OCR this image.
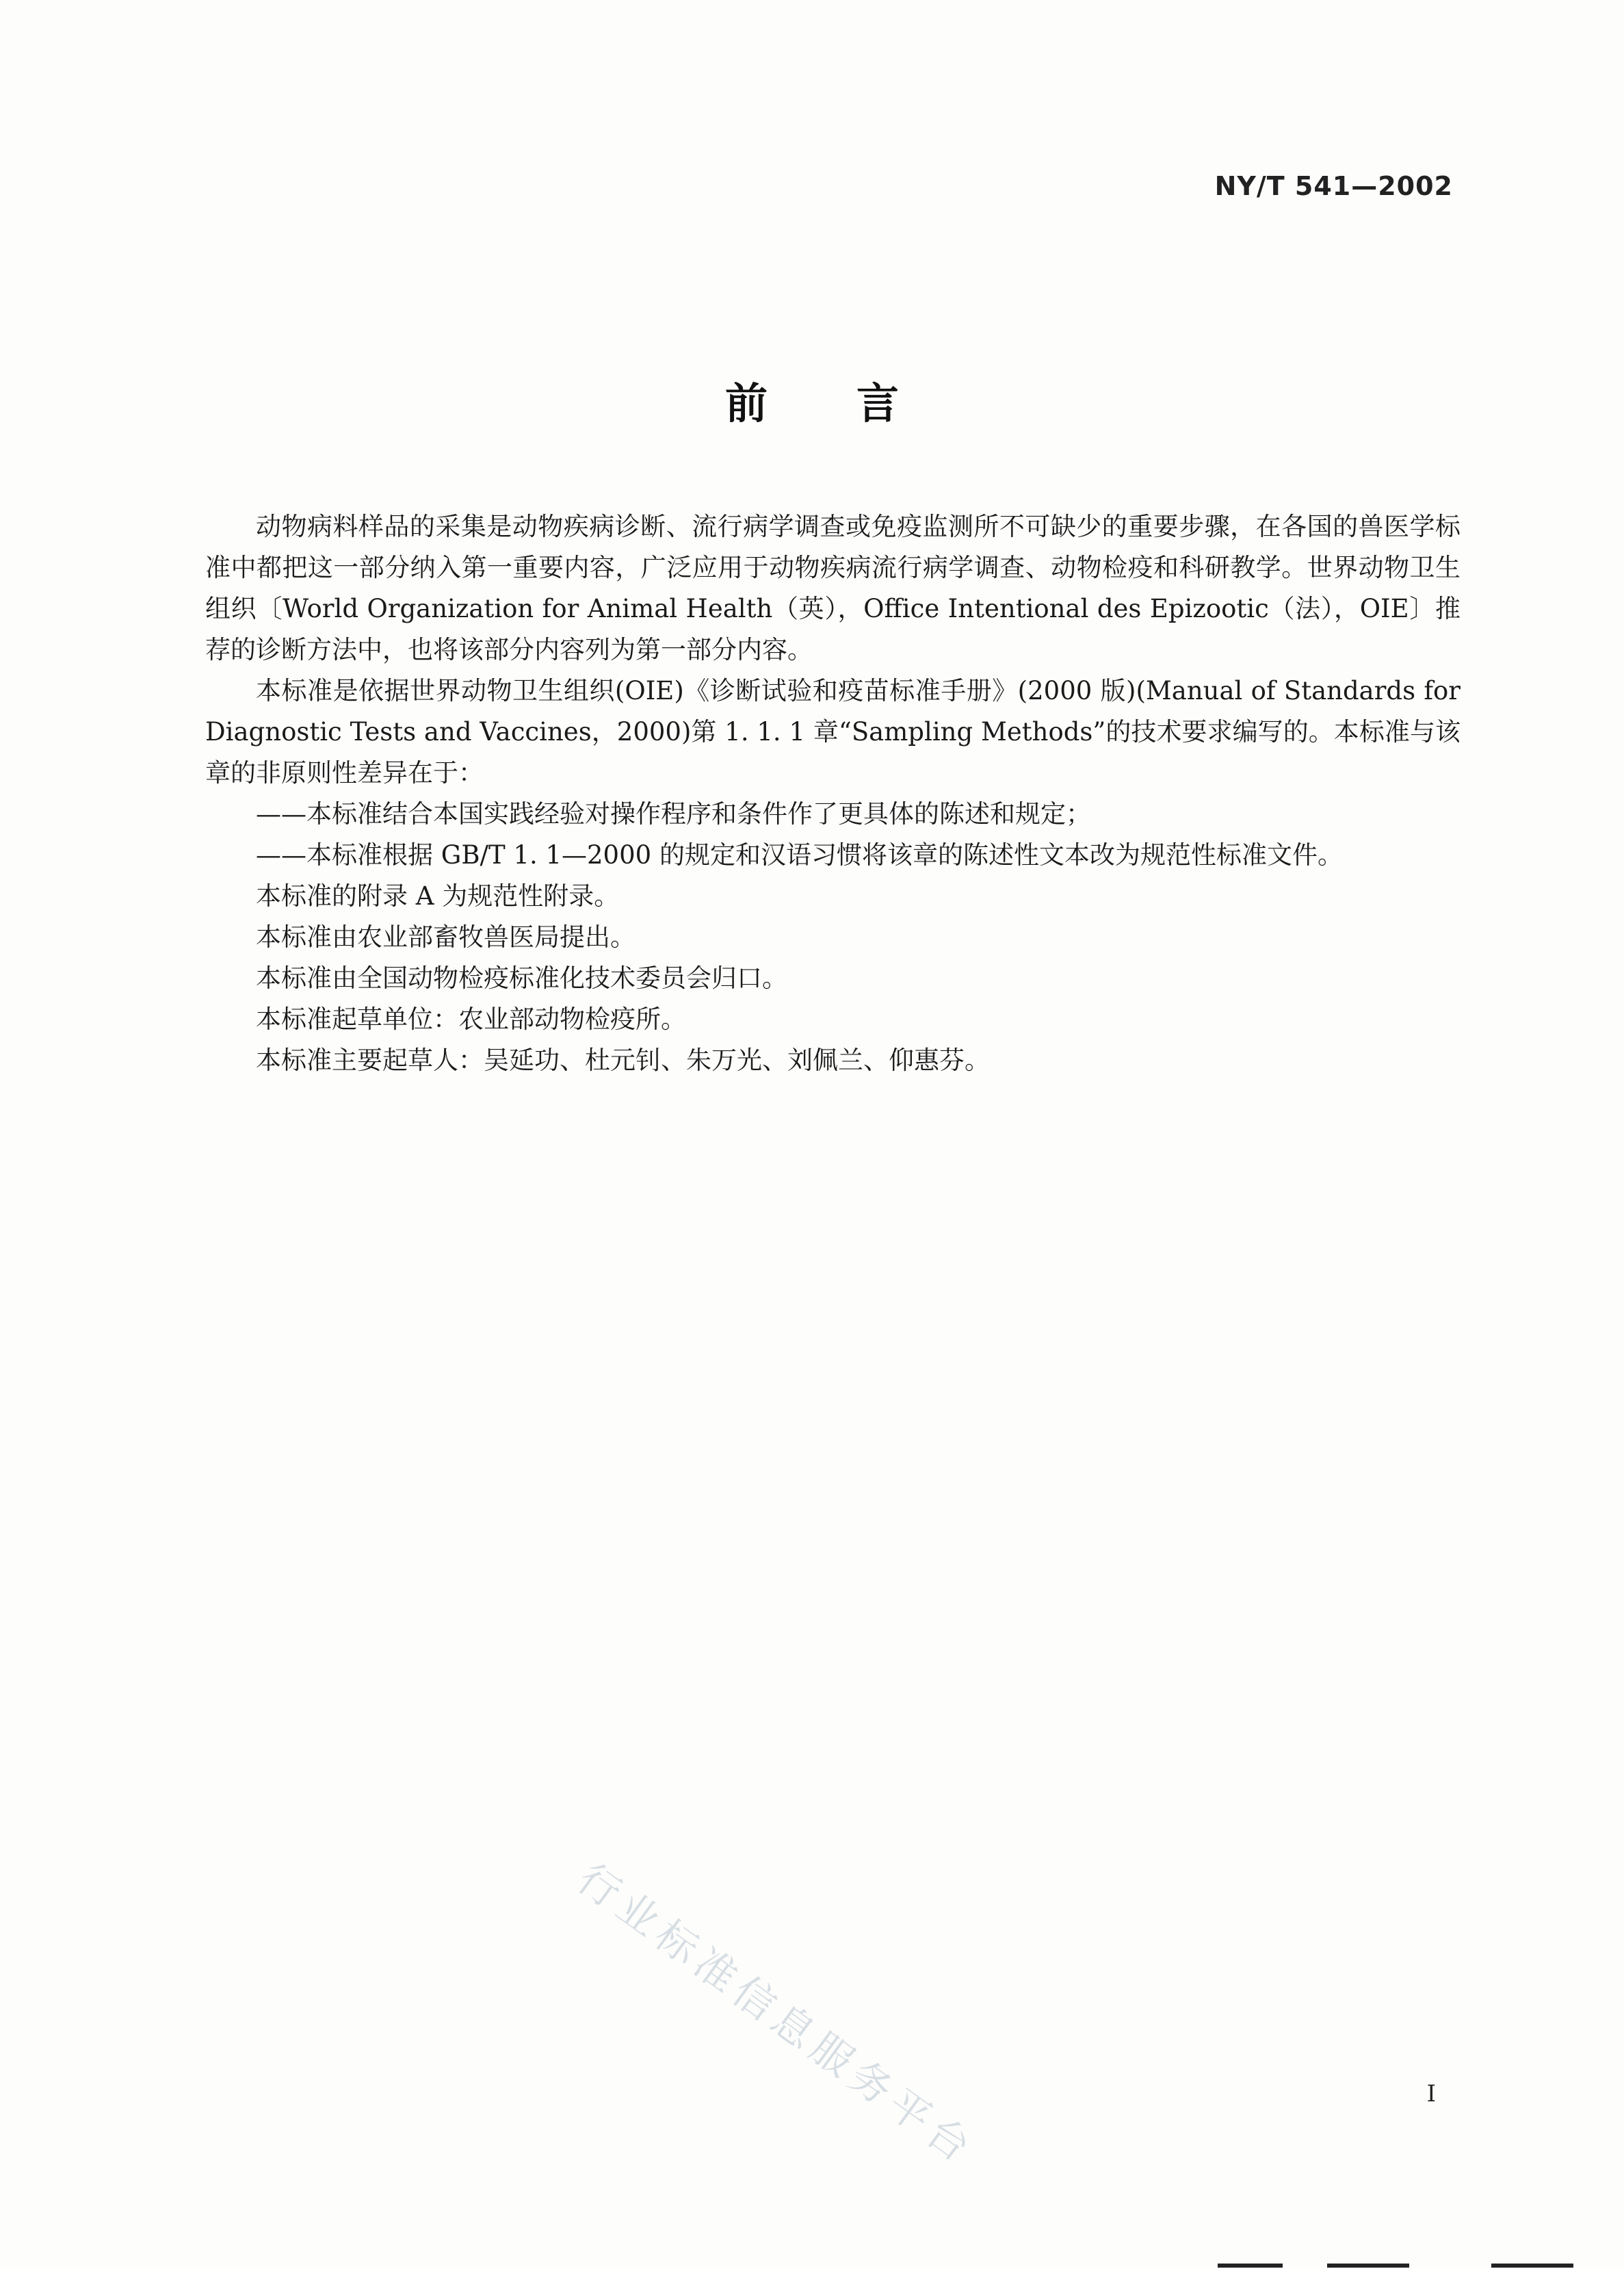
NY/T 541—2002
前言

动物病料样品的采集是动物疾病诊断、流行病学调查或免疫监测所不可缺少的重要步骤，在各国的兽医学标准中都把这一部分纳入第一重要内容，广泛应用于动物疾病流行病学调查、动物检疫和科研教学。世界动物卫生组织〔World Organization for Animal Health（英），Office Intentional des Epizootic（法），OIE〕推荐的诊断方法中，也将该部分内容列为第一部分内容。

本标准是依据世界动物卫生组织(OIE)《诊断试验和疫苗标准手册》(2000 版)(Manual of Standards for Diagnostic Tests and Vaccines，2000)第 1. 1. 1 章“Sampling Methods”的技术要求编写的。本标准与该章的非原则性差异在于：

——本标准结合本国实践经验对操作程序和条件作了更具体的陈述和规定；

——本标准根据 GB/T 1. 1—2000 的规定和汉语习惯将该章的陈述性文本改为规范性标准文件。

本标准的附录 A 为规范性附录。

本标准由农业部畜牧兽医局提出。

本标准由全国动物检疫标准化技术委员会归口。

本标准起草单位：农业部动物检疫所。

本标准主要起草人：吴延功、杜元钊、朱万光、刘佩兰、仰惠芬。

行业标准信息服务平台	I
